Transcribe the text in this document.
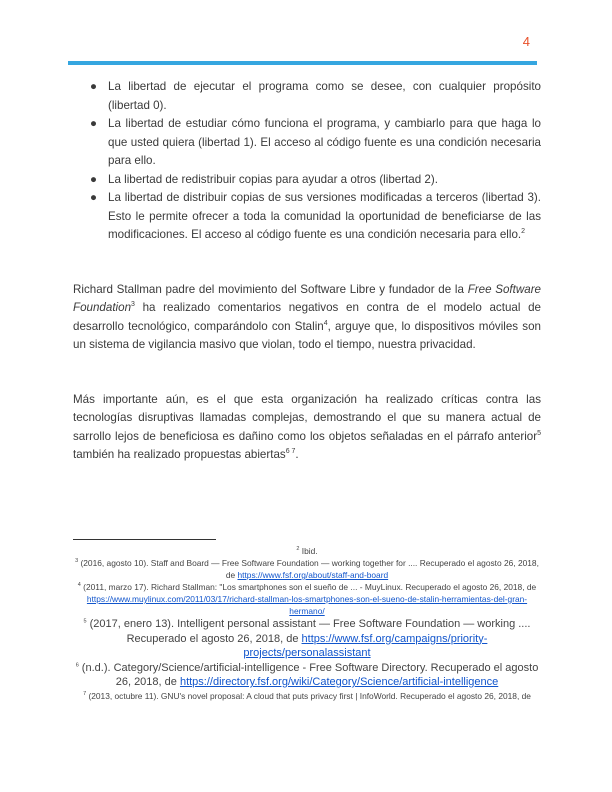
4
● La libertad de ejecutar el programa como se desee, con cualquier propósito (libertad 0).
● La libertad de estudiar cómo funciona el programa, y cambiarlo para que haga lo que usted quiera (libertad 1). El acceso al código fuente es una condición necesaria para ello.
● La libertad de redistribuir copias para ayudar a otros (libertad 2).
● La libertad de distribuir copias de sus versiones modificadas a terceros (libertad 3). Esto le permite ofrecer a toda la comunidad la oportunidad de beneficiarse de las modificaciones. El acceso al código fuente es una condición necesaria para ello.$^2$

Richard Stallman padre del movimiento del Software Libre y fundador de la Free Software Foundation$^3$ ha realizado comentarios negativos en contra de el modelo actual de desarrollo tecnológico, comparándolo con Stalin$^4$, arguye que, lo dispositivos móviles son un sistema de vigilancia masivo que violan, todo el tiempo, nuestra privacidad.

Más importante aún, es el que esta organización ha realizado críticas contra las tecnologías disruptivas llamadas complejas, demostrando el que su manera actual de sarrollo lejos de beneficiosa es dañino como los objetos señaladas en el párrafo anterior$^5$ también ha realizado propuestas abiertas$^{6 7}$.

$^2$ Ibid.

$^3$ (2016, agosto 10). Staff and Board — Free Software Foundation — working together for .... Recuperado el agosto 26, 2018, de https://www.fsf.org/about/staff-and-board

$^4$ (2011, marzo 17). Richard Stallman: "Los smartphones son el sueño de ... - MuyLinux. Recuperado el agosto 26, 2018, de https://www.muylinux.com/2011/03/17/richard-stallman-los-smartphones-son-el-sueno-de-stalin-herramientas-del-gran-hermano/

$^5$ (2017, enero 13). Intelligent personal assistant — Free Software Foundation — working .... Recuperado el agosto 26, 2018, de https://www.fsf.org/campaigns/priority-projects/personalassistant

$^6$ (n.d.). Category/Science/artificial-intelligence - Free Software Directory. Recuperado el agosto 26, 2018, de https://directory.fsf.org/wiki/Category/Science/artificial-intelligence

$^7$ (2013, octubre 11). GNU's novel proposal: A cloud that puts privacy first | InfoWorld. Recuperado el agosto 26, 2018, de
